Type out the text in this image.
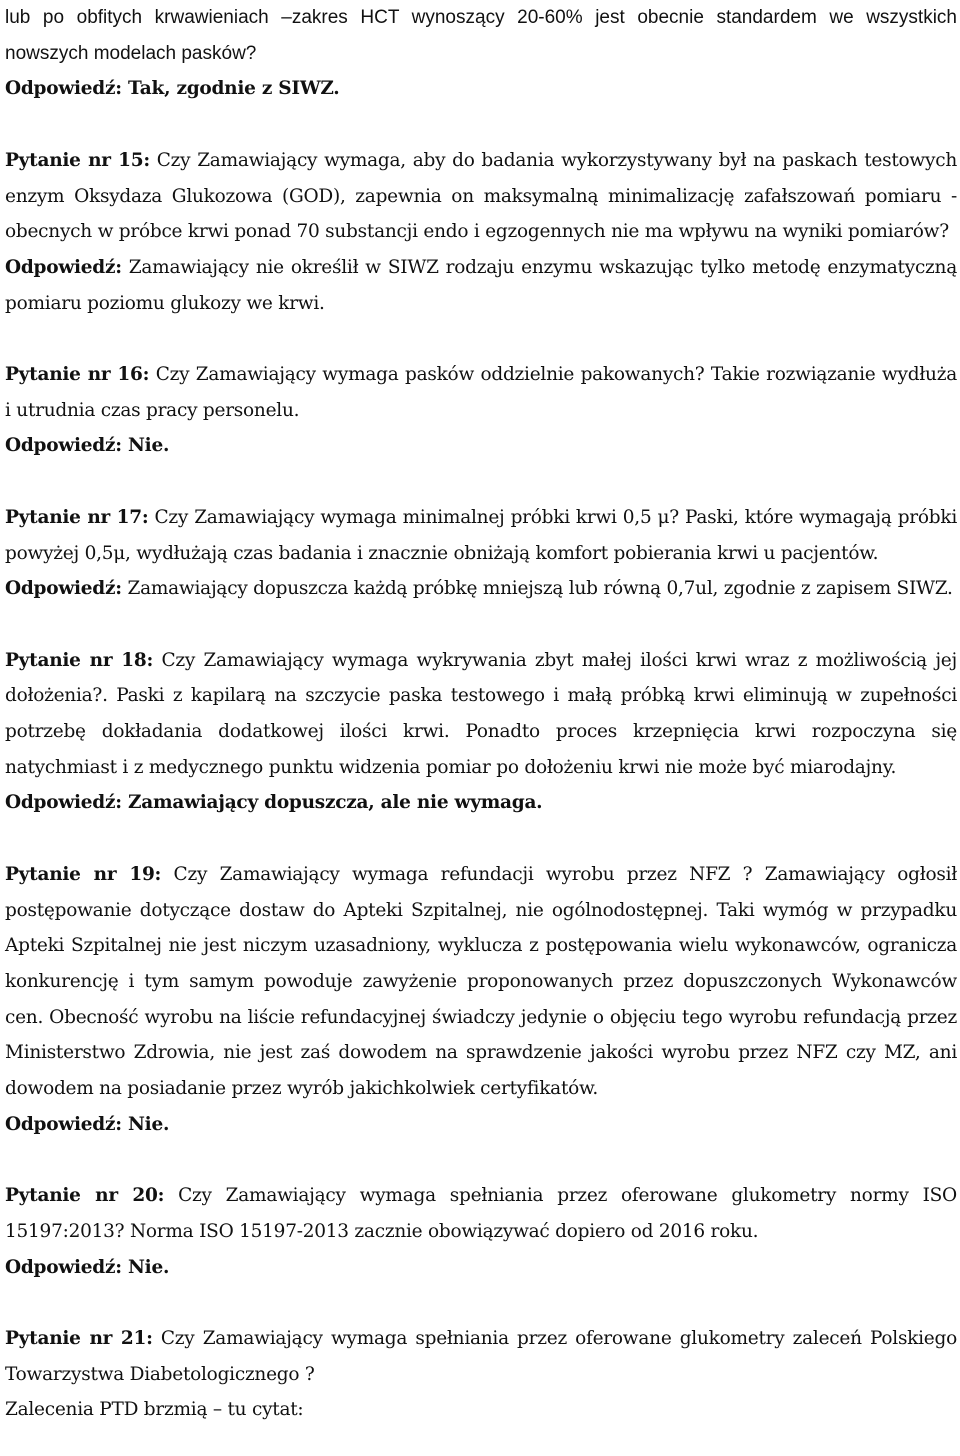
lub po obfitych krwawieniach –zakres HCT wynoszący 20-60% jest obecnie standardem we wszystkich nowszych modelach pasków?

Odpowiedź: Tak, zgodnie z SIWZ.

Pytanie nr 15: Czy Zamawiający wymaga, aby do badania wykorzystywany był na paskach testowych enzym Oksydaza Glukozowa (GOD), zapewnia on maksymalną minimalizację zafałszowań pomiaru - obecnych w próbce krwi ponad 70 substancji endo i egzogennych nie ma wpływu na wyniki pomiarów?

Odpowiedź: Zamawiający nie określił w SIWZ rodzaju enzymu wskazując tylko metodę enzymatyczną pomiaru poziomu glukozy we krwi.

Pytanie nr 16: Czy Zamawiający wymaga pasków oddzielnie pakowanych? Takie rozwiązanie wydłuża i utrudnia czas pracy personelu.

Odpowiedź: Nie.

Pytanie nr 17: Czy Zamawiający wymaga minimalnej próbki krwi 0,5 μ? Paski, które wymagają próbki powyżej 0,5μ, wydłużają czas badania i znacznie obniżają komfort pobierania krwi u pacjentów.

Odpowiedź: Zamawiający dopuszcza każdą próbkę mniejszą lub równą 0,7ul, zgodnie z zapisem SIWZ.

Pytanie nr 18: Czy Zamawiający wymaga wykrywania zbyt małej ilości krwi wraz z możliwością jej dołożenia?. Paski z kapilarą na szczycie paska testowego i małą próbką krwi eliminują w zupełności potrzebę dokładania dodatkowej ilości krwi. Ponadto proces krzepnięcia krwi rozpoczyna się natychmiast i z medycznego punktu widzenia pomiar po dołożeniu krwi nie może być miarodajny.

Odpowiedź: Zamawiający dopuszcza, ale nie wymaga.

Pytanie nr 19: Czy Zamawiający wymaga refundacji wyrobu przez NFZ ? Zamawiający ogłosił postępowanie dotyczące dostaw do Apteki Szpitalnej, nie ogólnodostępnej. Taki wymóg w przypadku Apteki Szpitalnej nie jest niczym uzasadniony, wyklucza z postępowania wielu wykonawców, ogranicza konkurencję i tym samym powoduje zawyżenie proponowanych przez dopuszczonych Wykonawców cen. Obecność wyrobu na liście refundacyjnej świadczy jedynie o objęciu tego wyrobu refundacją przez Ministerstwo Zdrowia, nie jest zaś dowodem na sprawdzenie jakości wyrobu przez NFZ czy MZ, ani dowodem na posiadanie przez wyrób jakichkolwiek certyfikatów.

Odpowiedź: Nie.

Pytanie nr 20: Czy Zamawiający wymaga spełniania przez oferowane glukometry normy ISO 15197:2013? Norma ISO 15197-2013 zacznie obowiązywać dopiero od 2016 roku.

Odpowiedź: Nie.

Pytanie nr 21: Czy Zamawiający wymaga spełniania przez oferowane glukometry zaleceń Polskiego Towarzystwa Diabetologicznego ?

Zalecenia PTD brzmią – tu cytat:
